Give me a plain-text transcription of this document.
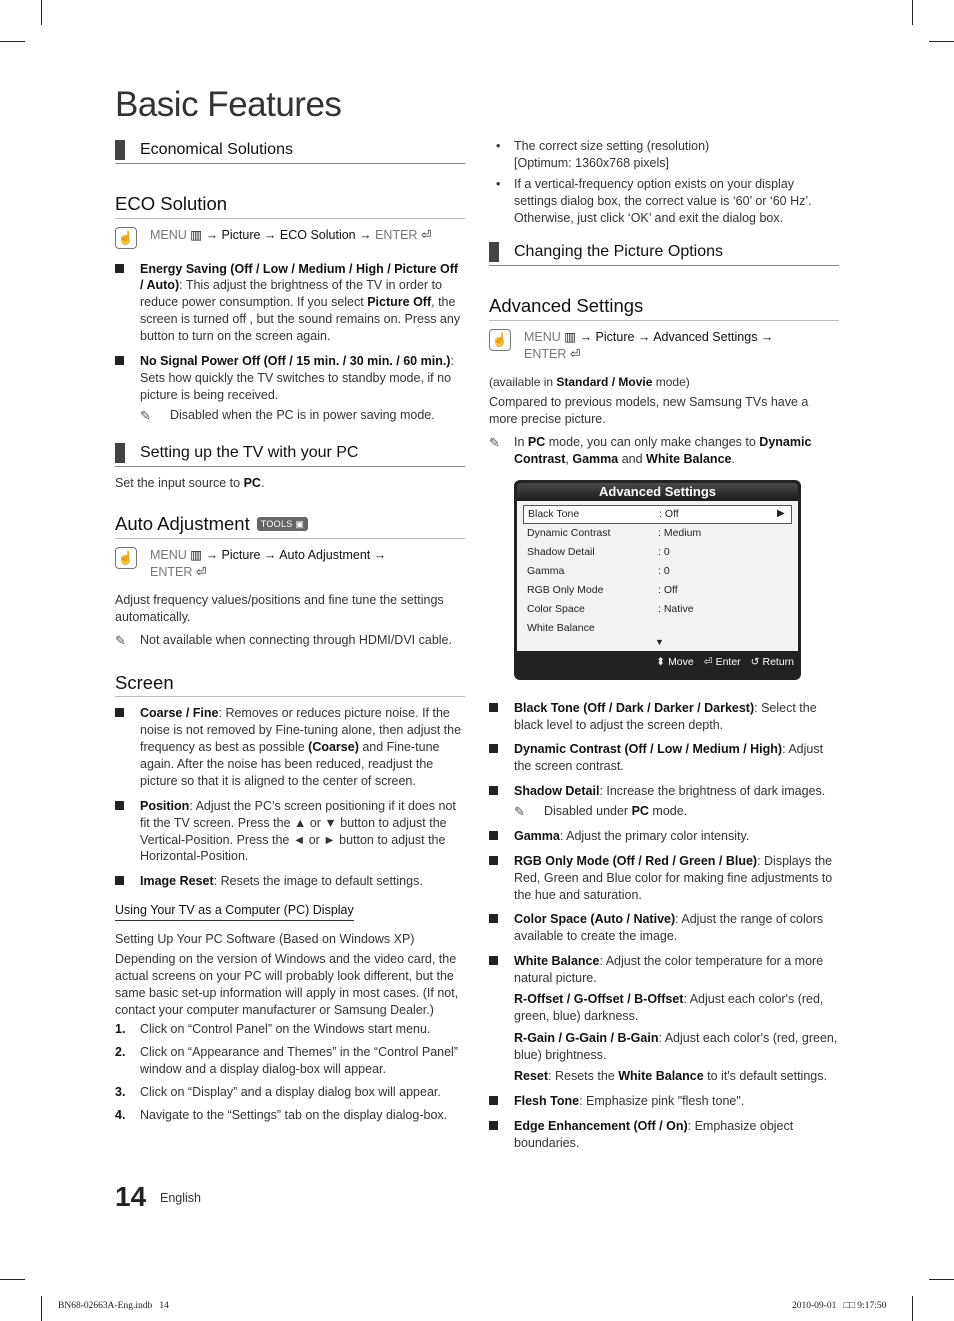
Basic Features
Economical Solutions
ECO Solution
☝ MENU ▥ → Picture → ECO Solution → ENTER ⏎
Energy Saving (Off / Low / Medium / High / Picture Off / Auto): This adjust the brightness of the TV in order to reduce power consumption. If you select Picture Off, the screen is turned off , but the sound remains on. Press any button to turn on the screen again.
No Signal Power Off (Off / 15 min. / 30 min. / 60 min.): Sets how quickly the TV switches to standby mode, if no picture is being received.
✎ Disabled when the PC is in power saving mode.
Setting up the TV with your PC

Set the input source to PC.

Auto Adjustment TOOLS
▣
☝ MENU ▥ → Picture → Auto Adjustment →
ENTER ⏎

Adjust frequency values/positions and fine tune the settings automatically.

✎ Not available when connecting through HDMI/DVI cable.
Screen
Coarse / Fine: Removes or reduces picture noise. If the noise is not removed by Fine-tuning alone, then adjust the frequency as best as possible (Coarse) and Fine-tune again. After the noise has been reduced, readjust the picture so that it is aligned to the center of screen.
Position: Adjust the PC’s screen positioning if it does not fit the TV screen. Press the ▲ or ▼ button to adjust the Vertical-Position. Press the ◄ or ► button to adjust the Horizontal-Position.
Image Reset: Resets the image to default settings.
Using Your TV as a Computer (PC) Display

Setting Up Your PC Software (Based on Windows XP)

Depending on the version of Windows and the video card, the actual screens on your PC will probably look different, but the same basic set-up information will apply in most cases. (If not, contact your computer manufacturer or Samsung Dealer.)

1. Click on “Control Panel” on the Windows start menu.
2. Click on “Appearance and Themes” in the “Control Panel” window and a display dialog-box will appear.
3. Click on “Display” and a display dialog box will appear.
4. Navigate to the “Settings” tab on the display dialog-box.
• The correct size setting (resolution)
[Optimum: 1360x768 pixels]
• If a vertical-frequency option exists on your display settings dialog box, the correct value is ‘60’ or ‘60 Hz’. Otherwise, just click ‘OK’ and exit the dialog box.
Changing the Picture Options
Advanced Settings
☝ MENU ▥ → Picture → Advanced Settings →
ENTER ⏎

(available in Standard / Movie mode)

Compared to previous models, new Samsung TVs have a more precise picture.

✎ In PC mode, you can only make changes to Dynamic Contrast, Gamma and White Balance.
Advanced Settings
Black Tone	: Off	▶
Dynamic Contrast	: Medium
Shadow Detail	: 0
Gamma	: 0
RGB Only Mode	: Off
Color Space	: Native
White Balance
▼
⬍ Move ⏎ Enter ↺ Return
Black Tone (Off / Dark / Darker / Darkest): Select the black level to adjust the screen depth.
Dynamic Contrast (Off / Low / Medium / High): Adjust the screen contrast.
Shadow Detail: Increase the brightness of dark images.
✎ Disabled under PC mode.
Gamma: Adjust the primary color intensity.
RGB Only Mode (Off / Red / Green / Blue): Displays the Red, Green and Blue color for making fine adjustments to the hue and saturation.
Color Space (Auto / Native): Adjust the range of colors available to create the image.
White Balance: Adjust the color temperature for a more natural picture.

R-Offset / G-Offset / B-Offset: Adjust each color's (red, green, blue) darkness.

R-Gain / G-Gain / B-Gain: Adjust each color's (red, green, blue) brightness.

Reset: Resets the White Balance to it's default settings.

Flesh Tone: Emphasize pink "flesh tone".
Edge Enhancement (Off / On): Emphasize object boundaries.
14 English
BN68-02663A-Eng.indb   14	2010-09-01   □□ 9:17:50
